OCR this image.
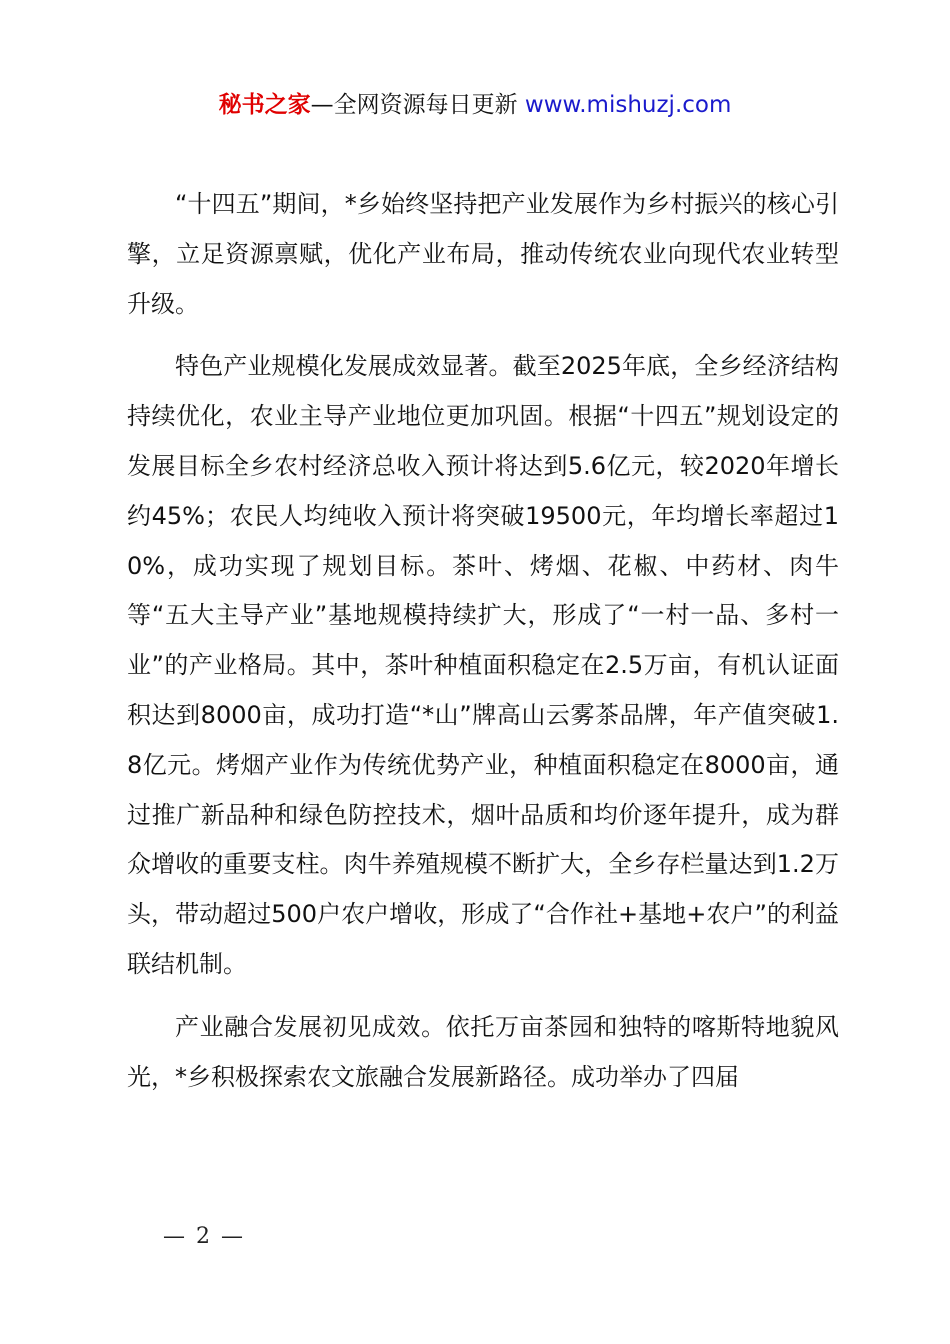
秘书之家—全网资源每日更新 www.mishuzj.com

“十四五”期间，*乡始终坚持把产业发展作为乡村振兴的核心引擎，立足资源禀赋，优化产业布局，推动传统农业向现代农业转型升级。

特色产业规模化发展成效显著。截至2025年底，全乡经济结构持续优化，农业主导产业地位更加巩固。根据“十四五”规划设定的发展目标全乡农村经济总收入预计将达到5.6亿元，较2020年增长约45%；农民人均纯收入预计将突破19500元，年均增长率超过10%，成功实现了规划目标。茶叶、烤烟、花椒、中药材、肉牛等“五大主导产业”基地规模持续扩大，形成了“一村一品、多村一业”的产业格局。其中，茶叶种植面积稳定在2.5万亩，有机认证面积达到8000亩，成功打造“*山”牌高山云雾茶品牌，年产值突破1.8亿元。烤烟产业作为传统优势产业，种植面积稳定在8000亩，通过推广新品种和绿色防控技术，烟叶品质和均价逐年提升，成为群众增收的重要支柱。肉牛养殖规模不断扩大，全乡存栏量达到1.2万头，带动超过500户农户增收，形成了“合作社+基地+农户”的利益联结机制。

产业融合发展初见成效。依托万亩茶园和独特的喀斯特地貌风光，*乡积极探索农文旅融合发展新路径。成功举办了四届

— 2 —
